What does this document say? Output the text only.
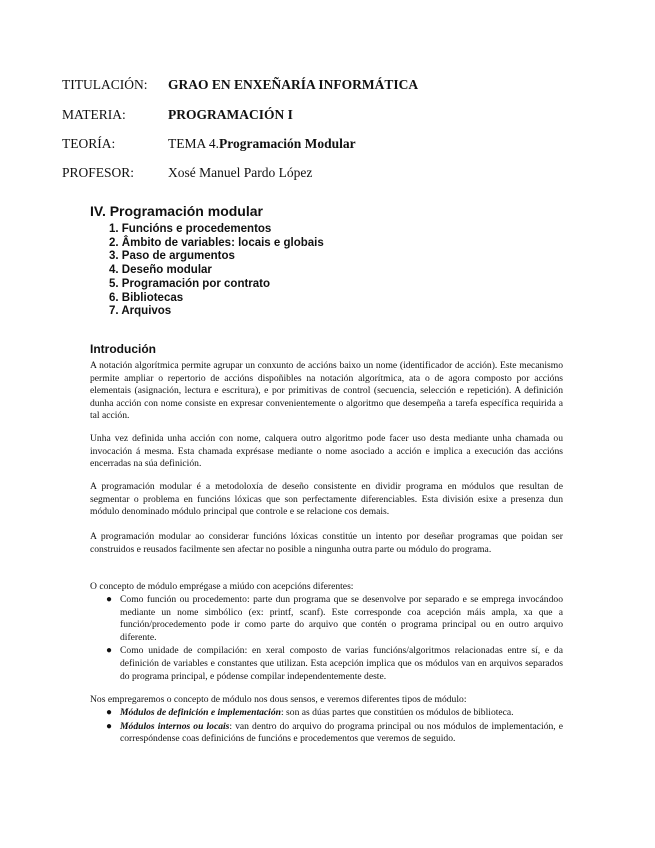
TITULACIÓN: GRAO EN ENXEÑARÍA INFORMÁTICA
MATERIA:	PROGRAMACIÓN I
TEORÍA:	TEMA 4.Programación Modular
PROFESOR:	Xosé Manuel Pardo López
IV. Programación modular
1. Funcións e procedementos
2. Âmbito de variables: locais e globais
3. Paso de argumentos
4. Deseño modular
5. Programación por contrato
6. Bibliotecas
7. Arquivos
Introdución

A notación algorítmica permite agrupar un conxunto de accións baixo un nome (identificador de acción). Este mecanismo permite ampliar o repertorio de accións dispoñibles na notación algorítmica, ata o de agora composto por accións elementais (asignación, lectura e escritura), e por primitivas de control (secuencia, selección e repetición). A definición dunha acción con nome consiste en expresar convenientemente o algoritmo que desempeña a tarefa específica requirida a tal acción.

Unha vez definida unha acción con nome, calquera outro algoritmo pode facer uso desta mediante unha chamada ou invocación á mesma. Esta chamada exprésase mediante o nome asociado a acción e implica a execución das accións encerradas na súa definición.

A programación modular é a metodoloxía de deseño consistente en dividir programa en módulos que resultan de segmentar o problema en funcións lóxicas que son perfectamente diferenciables. Esta división esixe a presenza dun módulo denominado módulo principal que controle e se relacione cos demais.

A programación modular ao considerar funcións lóxicas constitúe un intento por deseñar programas que poidan ser construidos e reusados facilmente sen afectar no posible a ningunha outra parte ou módulo do programa.

O concepto de módulo emprégase a miúdo con acepcións diferentes:

● Como función ou procedemento: parte dun programa que se desenvolve por separado e se emprega invocándoo mediante un nome simbólico (ex: printf, scanf). Este corresponde coa acepción máis ampla, xa que a función/procedemento pode ir como parte do arquivo que contén o programa principal ou en outro arquivo diferente.
● Como unidade de compilación: en xeral composto de varias funcións/algoritmos relacionadas entre sí, e da definición de variables e constantes que utilizan. Esta acepción implica que os módulos van en arquivos separados do programa principal, e pódense compilar independentemente deste.

Nos empregaremos o concepto de módulo nos dous sensos, e veremos diferentes tipos de módulo:

● Módulos de definición e implementación: son as dúas partes que constitúen os módulos de biblioteca.
● Módulos internos ou locais: van dentro do arquivo do programa principal ou nos módulos de implementación, e correspóndense coas definicións de funcións e procedementos que veremos de seguido.
